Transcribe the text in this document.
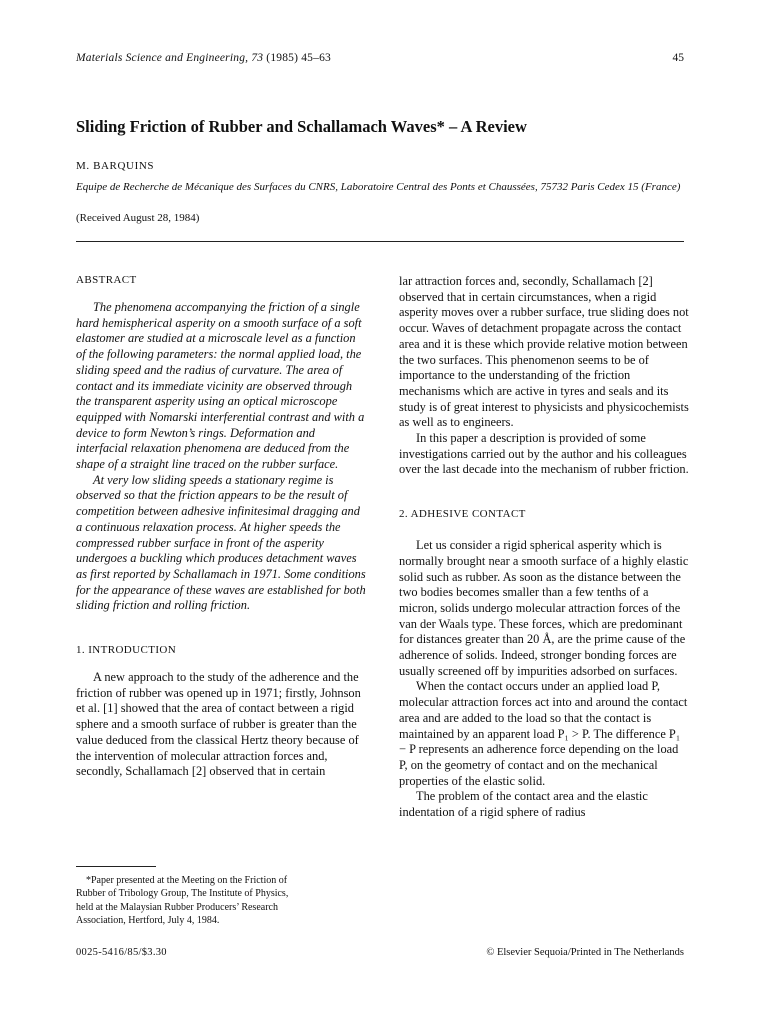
Materials Science and Engineering, 73 (1985) 45–63	45
Sliding Friction of Rubber and Schallamach Waves* – A Review
M. BARQUINS
Equipe de Recherche de Mécanique des Surfaces du CNRS, Laboratoire Central des Ponts et Chaussées, 75732 Paris Cedex 15 (France)
(Received August 28, 1984)
ABSTRACT

The phenomena accompanying the friction of a single hard hemispherical asperity on a smooth surface of a soft elastomer are studied at a microscale level as a function of the following parameters: the normal applied load, the sliding speed and the radius of curvature. The area of contact and its immediate vicinity are observed through the transparent asperity using an optical microscope equipped with Nomarski interferential contrast and with a device to form Newton’s rings. Deformation and interfacial relaxation phenomena are deduced from the shape of a straight line traced on the rubber surface.

At very low sliding speeds a stationary regime is observed so that the friction appears to be the result of competition between adhesive infinitesimal dragging and a continuous relaxation process. At higher speeds the compressed rubber surface in front of the asperity undergoes a buckling which produces detachment waves as first reported by Schallamach in 1971. Some conditions for the appearance of these waves are established for both sliding friction and rolling friction.

1. INTRODUCTION

A new approach to the study of the adherence and the friction of rubber was opened up in 1971; firstly, Johnson et al. [1] showed that the area of contact between a rigid sphere and a smooth surface of rubber is greater than the value deduced from the classical Hertz theory because of the intervention of molecular attraction forces and, secondly, Schallamach [2] observed that in certain

lar attraction forces and, secondly, Schallamach [2] observed that in certain circumstances, when a rigid asperity moves over a rubber surface, true sliding does not occur. Waves of detachment propagate across the contact area and it is these which provide relative motion between the two surfaces. This phenomenon seems to be of importance to the understanding of the friction mechanisms which are active in tyres and seals and its study is of great interest to physicists and physicochemists as well as to engineers.

In this paper a description is provided of some investigations carried out by the author and his colleagues over the last decade into the mechanism of rubber friction.

2. ADHESIVE CONTACT

Let us consider a rigid spherical asperity which is normally brought near a smooth surface of a highly elastic solid such as rubber. As soon as the distance between the two bodies becomes smaller than a few tenths of a micron, solids undergo molecular attraction forces of the van der Waals type. These forces, which are predominant for distances greater than 20 Å, are the prime cause of the adherence of solids. Indeed, stronger bonding forces are usually screened off by impurities adsorbed on surfaces.

When the contact occurs under an applied load P, molecular attraction forces act into and around the contact area and are added to the load so that the contact is maintained by an apparent load P₁ > P. The difference P₁ − P represents an adherence force depending on the load P, on the geometry of contact and on the mechanical properties of the elastic solid.

The problem of the contact area and the elastic indentation of a rigid sphere of radius

*Paper presented at the Meeting on the Friction of
Rubber of Tribology Group, The Institute of Physics,
held at the Malaysian Rubber Producers’ Research
Association, Hertford, July 4, 1984.
0025-5416/85/$3.30	© Elsevier Sequoia/Printed in The Netherlands
